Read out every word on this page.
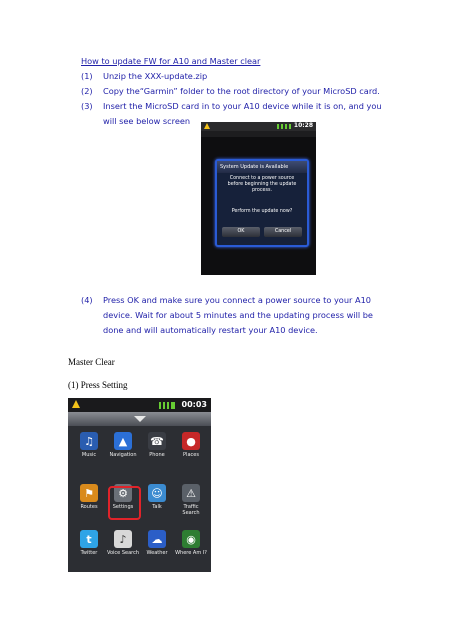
How to update FW for A10 and Master clear
(1) Unzip the XXX-update.zip
(2) Copy the“Garmin” folder to the root directory of your MicroSD card.
(3) Insert the MicroSD card in to your A10 device while it is on, and you
will see below screen	10:28
System Update is Available
Connect to a power source
before beginning the update
process.
Perform the update now?
OK	Cancel
(4) Press OK and make sure you connect a power source to your A10
device. Wait for about 5 minutes and the updating process will be
done and will automatically restart your A10 device.
Master Clear
(1) Press Setting
00:03
♫
Music
▲
Navigation
☎
Phone
●
Places
⚑
Routes
⚙
Settings
☺
Talk
⚠
Traffic
Search
t
Twitter
♪
Voice Search
☁
Weather
◉
Where Am I?
